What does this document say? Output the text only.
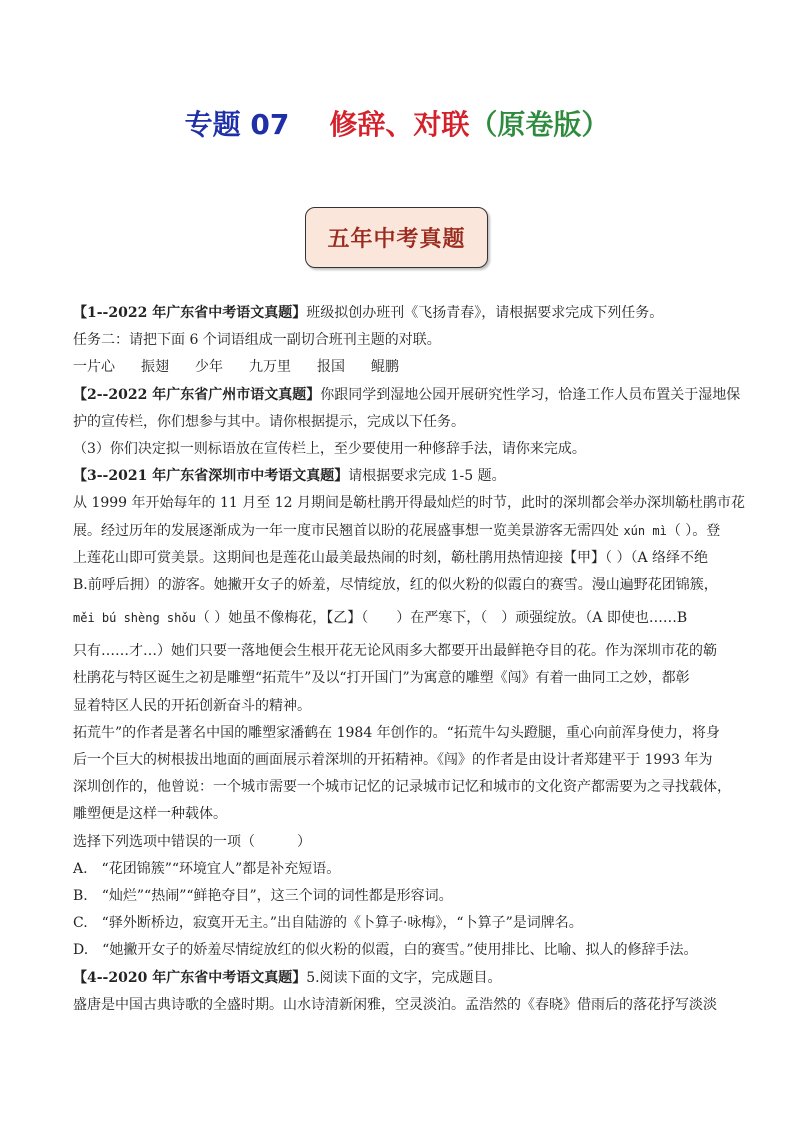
专题 07 修辞、对联（原卷版）
五年中考真题
【1--2022 年广东省中考语文真题】班级拟创办班刊《飞扬青春》，请根据要求完成下列任务。
任务二：请把下面 6 个词语组成一副切合班刊主题的对联。
一片心 振翅 少年 九万里 报国 鲲鹏
【2--2022 年广东省广州市语文真题】你跟同学到湿地公园开展研究性学习，恰逢工作人员布置关于湿地保
护的宣传栏，你们想参与其中。请你根据提示，完成以下任务。
（3）你们决定拟一则标语放在宣传栏上，至少要使用一种修辞手法，请你来完成。
【3--2021 年广东省深圳市中考语文真题】请根据要求完成 1-5 题。
从 1999 年开始每年的 11 月至 12 月期间是簕杜鹃开得最灿烂的时节，此时的深圳都会举办深圳簕杜鹃市花
展。经过历年的发展逐渐成为一年一度市民翘首以盼的花展盛事想一览美景游客无需四处 xún mì（ ）。登
上莲花山即可赏美景。这期间也是莲花山最美最热闹的时刻，簕杜鹃用热情迎接【甲】（ ）（A 络绎不绝
B.前呼后拥）的游客。她撇开女子的娇羞，尽情绽放，红的似火粉的似霞白的赛雪。漫山遍野花团锦簇，
měi bú shèng shǒu（ ）她虽不像梅花，【乙】（　　）在严寒下，（　）顽强绽放。（A 即使也……B
只有……才…）她们只要一落地便会生根开花无论风雨多大都要开出最鲜艳夺目的花。作为深圳市花的簕
杜鹃花与特区诞生之初是雕塑“拓荒牛”及以“打开国门”为寓意的雕塑《闯》有着一曲同工之妙，都彰
显着特区人民的开拓创新奋斗的精神。
拓荒牛”的作者是著名中国的雕塑家潘鹤在 1984 年创作的。“拓荒牛勾头蹬腿，重心向前浑身使力，将身
后一个巨大的树根拔出地面的画面展示着深圳的开拓精神。《闯》的作者是由设计者郑建平于 1993 年为
深圳创作的，他曾说：一个城市需要一个城市记忆的记录城市记忆和城市的文化资产都需要为之寻找载体，
雕塑便是这样一种载体。
选择下列选项中错误的一项（　　　）
A.　“花团锦簇”“环境宜人”都是补充短语。
B.　“灿烂”“热闹”“鲜艳夺目”，这三个词的词性都是形容词。
C.　“驿外断桥边，寂寞开无主。”出自陆游的《卜算子·咏梅》，“卜算子”是词牌名。
D.　“她撇开女子的娇羞尽情绽放红的似火粉的似霞，白的赛雪。”使用排比、比喻、拟人的修辞手法。
【4--2020 年广东省中考语文真题】5.阅读下面的文字，完成题目。
盛唐是中国古典诗歌的全盛时期。山水诗清新闲雅，空灵淡泊。孟浩然的《春晓》借雨后的落花抒写淡淡
